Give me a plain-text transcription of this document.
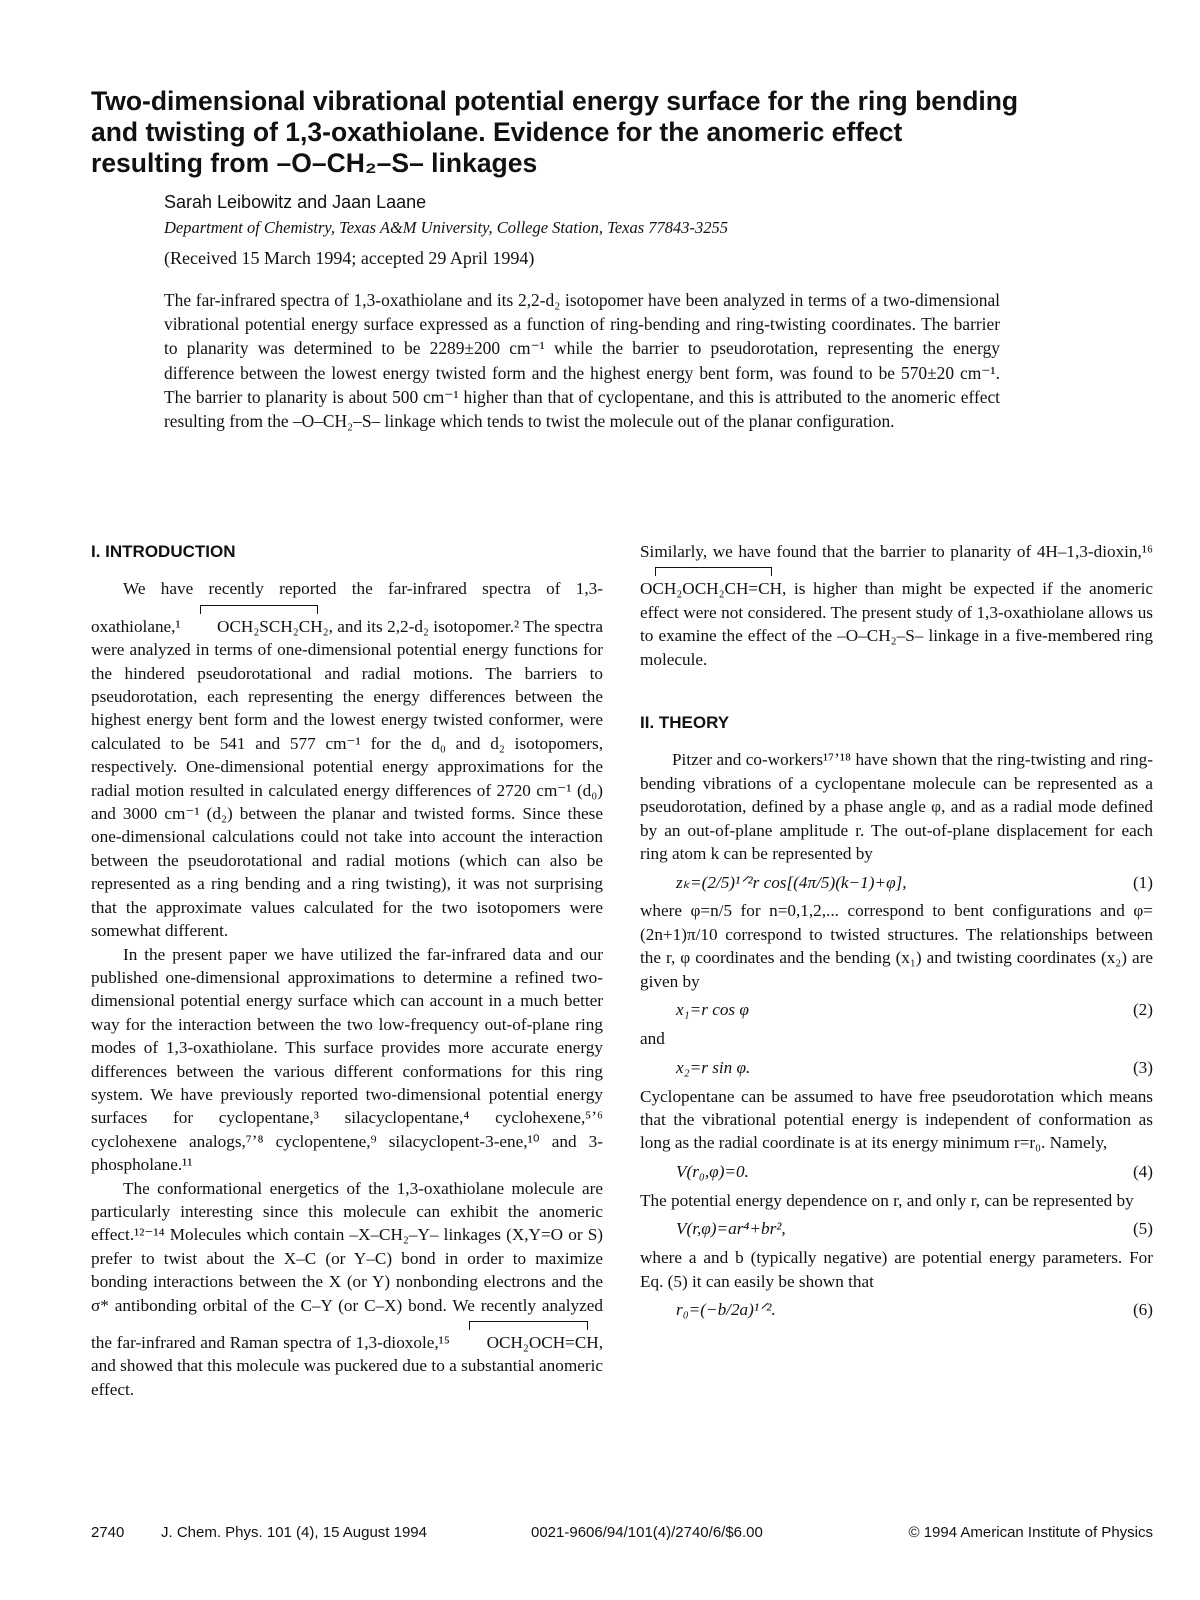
Two-dimensional vibrational potential energy surface for the ring bending
and twisting of 1,3-oxathiolane. Evidence for the anomeric effect
resulting from –O–CH₂–S– linkages
Sarah Leibowitz and Jaan Laane
Department of Chemistry, Texas A&M University, College Station, Texas 77843-3255
(Received 15 March 1994; accepted 29 April 1994)
The far-infrared spectra of 1,3-oxathiolane and its 2,2-d₂ isotopomer have been analyzed in terms of a two-dimensional vibrational potential energy surface expressed as a function of ring-bending and ring-twisting coordinates. The barrier to planarity was determined to be 2289±200 cm⁻¹ while the barrier to pseudorotation, representing the energy difference between the lowest energy twisted form and the highest energy bent form, was found to be 570±20 cm⁻¹. The barrier to planarity is about 500 cm⁻¹ higher than that of cyclopentane, and this is attributed to the anomeric effect resulting from the –O–CH₂–S– linkage which tends to twist the molecule out of the planar configuration.
I. INTRODUCTION

We have recently reported the far-infrared spectra of 1,3-oxathiolane,¹ OCH₂SCH₂CH₂, and its 2,2-d₂ isotopomer.² The spectra were analyzed in terms of one-dimensional potential energy functions for the hindered pseudorotational and radial motions. The barriers to pseudorotation, each representing the energy differences between the highest energy bent form and the lowest energy twisted conformer, were calculated to be 541 and 577 cm⁻¹ for the d₀ and d₂ isotopomers, respectively. One-dimensional potential energy approximations for the radial motion resulted in calculated energy differences of 2720 cm⁻¹ (d₀) and 3000 cm⁻¹ (d₂) between the planar and twisted forms. Since these one-dimensional calculations could not take into account the interaction between the pseudorotational and radial motions (which can also be represented as a ring bending and a ring twisting), it was not surprising that the approximate values calculated for the two isotopomers were somewhat different.

In the present paper we have utilized the far-infrared data and our published one-dimensional approximations to determine a refined two-dimensional potential energy surface which can account in a much better way for the interaction between the two low-frequency out-of-plane ring modes of 1,3-oxathiolane. This surface provides more accurate energy differences between the various different conformations for this ring system. We have previously reported two-dimensional potential energy surfaces for cyclopentane,³ silacyclopentane,⁴ cyclohexene,⁵ʼ⁶ cyclohexene analogs,⁷ʼ⁸ cyclopentene,⁹ silacyclopent-3-ene,¹⁰ and 3-phospholane.¹¹

The conformational energetics of the 1,3-oxathiolane molecule are particularly interesting since this molecule can exhibit the anomeric effect.¹²⁻¹⁴ Molecules which contain –X–CH₂–Y– linkages (X,Y=O or S) prefer to twist about the X–C (or Y–C) bond in order to maximize bonding interactions between the X (or Y) nonbonding electrons and the σ* antibonding orbital of the C–Y (or C–X) bond. We recently analyzed the far-infrared and Raman spectra of 1,3-dioxole,¹⁵ OCH₂OCH=CH, and showed that this molecule was puckered due to a substantial anomeric effect.

Similarly, we have found that the barrier to planarity of 4H–1,3-dioxin,¹⁶ OCH₂OCH₂CH=CH, is higher than might be expected if the anomeric effect were not considered. The present study of 1,3-oxathiolane allows us to examine the effect of the –O–CH₂–S– linkage in a five-membered ring molecule.

II. THEORY

Pitzer and co-workers¹⁷ʼ¹⁸ have shown that the ring-twisting and ring-bending vibrations of a cyclopentane molecule can be represented as a pseudorotation, defined by a phase angle φ, and as a radial mode defined by an out-of-plane amplitude r. The out-of-plane displacement for each ring atom k can be represented by

zₖ=(2/5)¹ᐟ²r cos[(4π/5)(k−1)+φ],	(1)

where φ=n/5 for n=0,1,2,... correspond to bent configurations and φ=(2n+1)π/10 correspond to twisted structures. The relationships between the r, φ coordinates and the bending (x₁) and twisting coordinates (x₂) are given by

x₁=r cos φ	(2)

and

x₂=r sin φ.	(3)

Cyclopentane can be assumed to have free pseudorotation which means that the vibrational potential energy is independent of conformation as long as the radial coordinate is at its energy minimum r=r₀. Namely,

V(r₀,φ)=0.	(4)

The potential energy dependence on r, and only r, can be represented by

V(r,φ)=ar⁴+br²,	(5)

where a and b (typically negative) are potential energy parameters. For Eq. (5) it can easily be shown that

r₀=(−b/2a)¹ᐟ².	(6)
2740 J. Chem. Phys. 101 (4), 15 August 1994	0021-9606/94/101(4)/2740/6/$6.00	© 1994 American Institute of Physics
